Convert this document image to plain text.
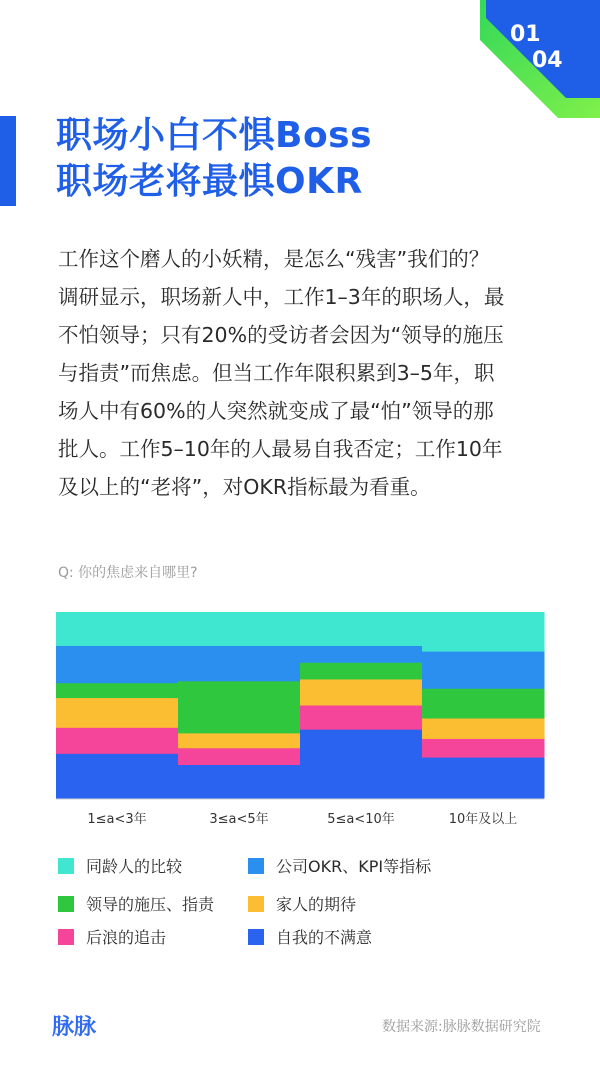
01
04
职场小白不惧Boss
职场老将最惧OKR
工作这个磨人的小妖精，是怎么“残害”我们的？
调研显示，职场新人中，工作1–3年的职场人，最
不怕领导；只有20%的受访者会因为“领导的施压
与指责”而焦虑。但当工作年限积累到3–5年，职
场人中有60%的人突然就变成了最“怕”领导的那
批人。工作5–10年的人最易自我否定；工作10年
及以上的“老将”，对OKR指标最为看重。
Q: 你的焦虑来自哪里?
1≤a<3年	3≤a<5年	5≤a<10年	10年及以上
同龄人的比较	公司OKR、KPI等指标
领导的施压、指责	家人的期待
后浪的追击	自我的不满意
脉脉	数据来源:脉脉数据研究院
